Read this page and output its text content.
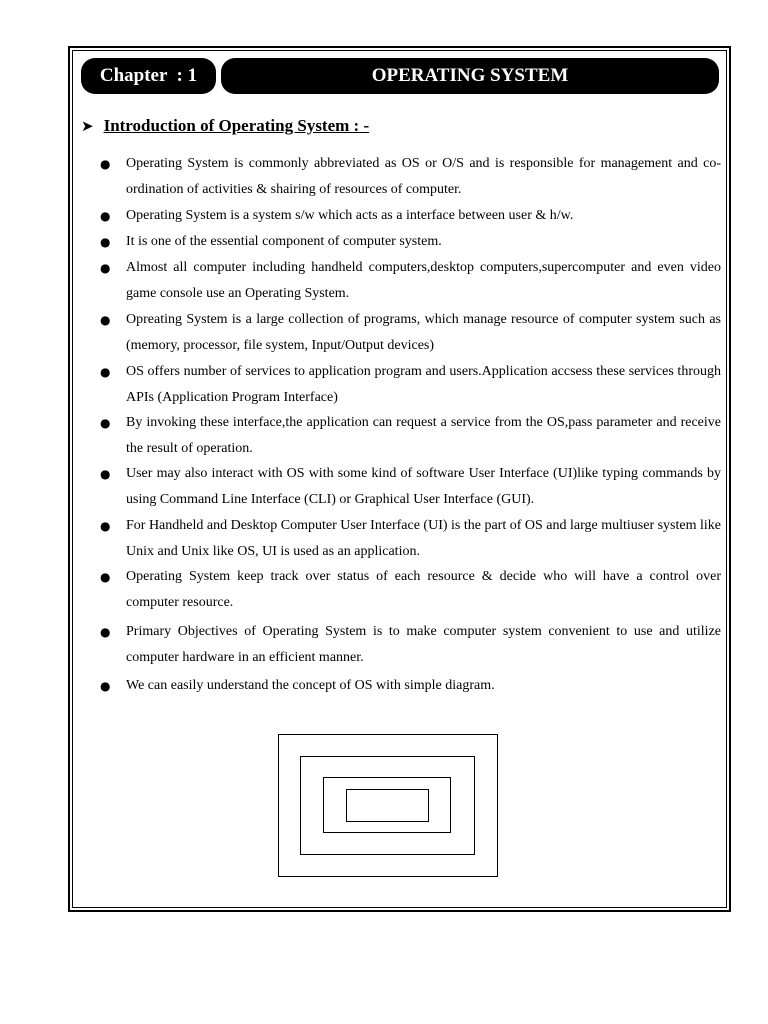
Chapter  : 1	OPERATING SYSTEM
➤ Introduction of Operating System : -
● Operating System is commonly abbreviated as OS or O/S and is responsible for management and co-ordination of activities & shairing of resources of computer.
● Operating System is a system s/w which acts as a interface between user & h/w.
● It is one of the essential component of computer system.
● Almost all computer including handheld computers,desktop computers,supercomputer and even video game console use an Operating System.
● Opreating System is a large collection of programs, which manage resource of computer system such as (memory, processor, file system, Input/Output devices)
● OS offers number of services to application program and users.Application accsess these services through APIs (Application Program Interface)
● By invoking these interface,the application can request a service from the OS,pass parameter and receive the result of operation.
● User may also interact with OS with some kind of software User Interface (UI)like typing commands by using Command Line Interface (CLI) or Graphical User Interface (GUI).
● For Handheld and Desktop Computer User Interface (UI) is the part of OS and large multiuser system like Unix and Unix like OS, UI is used as an application.
● Operating System keep track over status of each resource & decide who will have a control over computer resource.
● Primary Objectives of Operating System is to make computer system convenient to use and utilize computer hardware in an efficient manner.
● We can easily understand the concept of OS with simple diagram.
